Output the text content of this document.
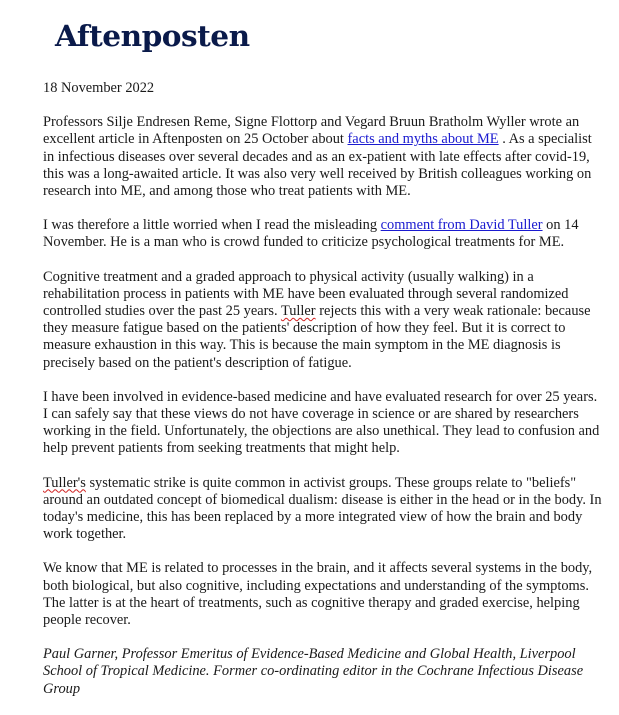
Aftenposten

18 November 2022

Professors Silje Endresen Reme, Signe Flottorp and Vegard Bruun Bratholm Wyller wrote an excellent article in Aftenposten on 25 October about facts and myths about ME . As a specialist in infectious diseases over several decades and as an ex-patient with late effects after covid-19, this was a long-awaited article. It was also very well received by British colleagues working on research into ME, and among those who treat patients with ME.

I was therefore a little worried when I read the misleading comment from David Tuller on 14 November. He is a man who is crowd funded to criticize psychological treatments for ME.

Cognitive treatment and a graded approach to physical activity (usually walking) in a rehabilitation process in patients with ME have been evaluated through several randomized controlled studies over the past 25 years. Tuller rejects this with a very weak rationale: because they measure fatigue based on the patients' description of how they feel. But it is correct to measure exhaustion in this way. This is because the main symptom in the ME diagnosis is precisely based on the patient's description of fatigue.

I have been involved in evidence-based medicine and have evaluated research for over 25 years. I can safely say that these views do not have coverage in science or are shared by researchers working in the field. Unfortunately, the objections are also unethical. They lead to confusion and help prevent patients from seeking treatments that might help.

Tuller's systematic strike is quite common in activist groups. These groups relate to "beliefs" around an outdated concept of biomedical dualism: disease is either in the head or in the body. In today's medicine, this has been replaced by a more integrated view of how the brain and body work together.

We know that ME is related to processes in the brain, and it affects several systems in the body, both biological, but also cognitive, including expectations and understanding of the symptoms. The latter is at the heart of treatments, such as cognitive therapy and graded exercise, helping people recover.

Paul Garner, Professor Emeritus of Evidence-Based Medicine and Global Health, Liverpool School of Tropical Medicine. Former co-ordinating editor in the Cochrane Infectious Disease Group
